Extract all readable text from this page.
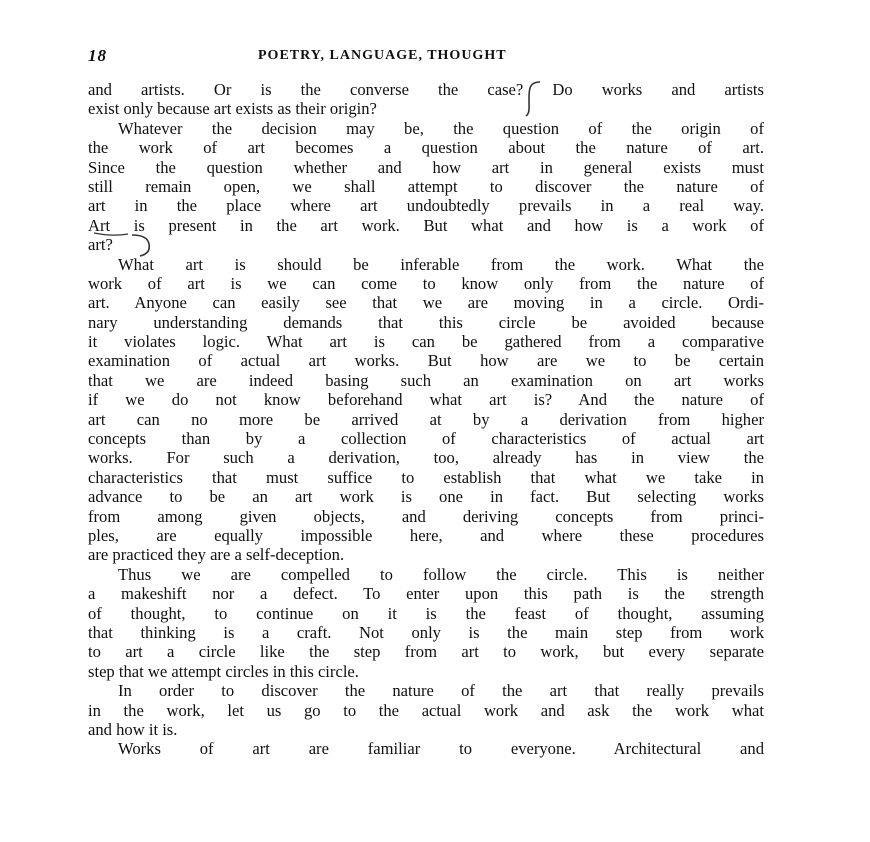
18	POETRY, LANGUAGE, THOUGHT
and artists. Or is the converse the case? Do works and artists
exist only because art exists as their origin?
Whatever the decision may be, the question of the origin of
the work of art becomes a question about the nature of art.
Since the question whether and how art in general exists must
still remain open, we shall attempt to discover the nature of
art in the place where art undoubtedly prevails in a real way.
Art is present in the art work. But what and how is a work of
art?
What art is should be inferable from the work. What the
work of art is we can come to know only from the nature of
art. Anyone can easily see that we are moving in a circle. Ordi-
nary understanding demands that this circle be avoided because
it violates logic. What art is can be gathered from a comparative
examination of actual art works. But how are we to be certain
that we are indeed basing such an examination on art works
if we do not know beforehand what art is? And the nature of
art can no more be arrived at by a derivation from higher
concepts than by a collection of characteristics of actual art
works. For such a derivation, too, already has in view the
characteristics that must suffice to establish that what we take in
advance to be an art work is one in fact. But selecting works
from among given objects, and deriving concepts from princi-
ples, are equally impossible here, and where these procedures
are practiced they are a self-deception.
Thus we are compelled to follow the circle. This is neither
a makeshift nor a defect. To enter upon this path is the strength
of thought, to continue on it is the feast of thought, assuming
that thinking is a craft. Not only is the main step from work
to art a circle like the step from art to work, but every separate
step that we attempt circles in this circle.
In order to discover the nature of the art that really prevails
in the work, let us go to the actual work and ask the work what
and how it is.
Works of art are familiar to everyone. Architectural and
